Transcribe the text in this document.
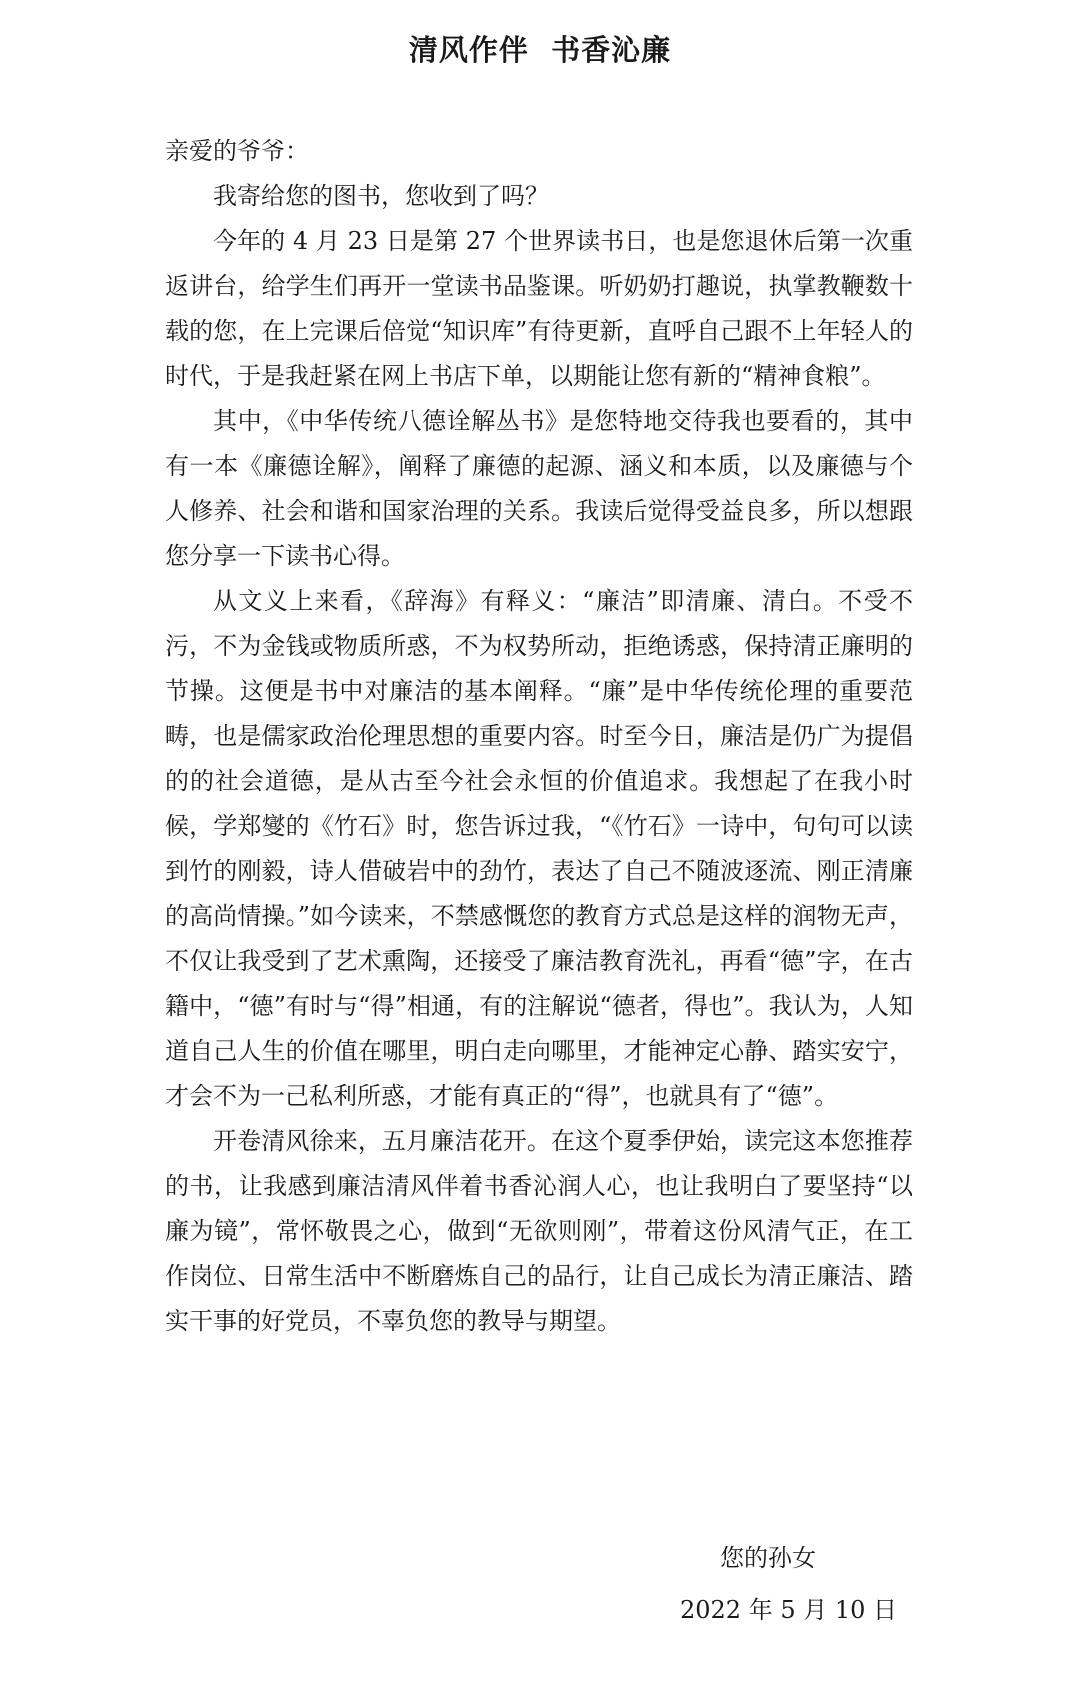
清风作伴  书香沁廉

亲爱的爷爷：

我寄给您的图书，您收到了吗？

今年的 4 月 23 日是第 27 个世界读书日，也是您退休后第一次重返讲台，给学生们再开一堂读书品鉴课。听奶奶打趣说，执掌教鞭数十载的您，在上完课后倍觉“知识库”有待更新，直呼自己跟不上年轻人的时代，于是我赶紧在网上书店下单，以期能让您有新的“精神食粮”。

其中，《中华传统八德诠解丛书》是您特地交待我也要看的，其中有一本《廉德诠解》，阐释了廉德的起源、涵义和本质，以及廉德与个人修养、社会和谐和国家治理的关系。我读后觉得受益良多，所以想跟您分享一下读书心得。

从文义上来看，《辞海》有释义：“廉洁”即清廉、清白。不受不污，不为金钱或物质所惑，不为权势所动，拒绝诱惑，保持清正廉明的节操。这便是书中对廉洁的基本阐释。“廉”是中华传统伦理的重要范畴，也是儒家政治伦理思想的重要内容。时至今日，廉洁是仍广为提倡的的社会道德，是从古至今社会永恒的价值追求。我想起了在我小时候，学郑燮的《竹石》时，您告诉过我，“《竹石》一诗中，句句可以读到竹的刚毅，诗人借破岩中的劲竹，表达了自己不随波逐流、刚正清廉的高尚情操。”如今读来，不禁感慨您的教育方式总是这样的润物无声，不仅让我受到了艺术熏陶，还接受了廉洁教育洗礼，再看“德”字，在古籍中，“德”有时与“得”相通，有的注解说“德者，得也”。我认为，人知道自己人生的价值在哪里，明白走向哪里，才能神定心静、踏实安宁，才会不为一己私利所惑，才能有真正的“得”，也就具有了“德”。

开卷清风徐来，五月廉洁花开。在这个夏季伊始，读完这本您推荐的书，让我感到廉洁清风伴着书香沁润人心，也让我明白了要坚持“以廉为镜”，常怀敬畏之心，做到“无欲则刚”，带着这份风清气正，在工作岗位、日常生活中不断磨炼自己的品行，让自己成长为清正廉洁、踏实干事的好党员，不辜负您的教导与期望。

您的孙女

2022 年 5 月 10 日
